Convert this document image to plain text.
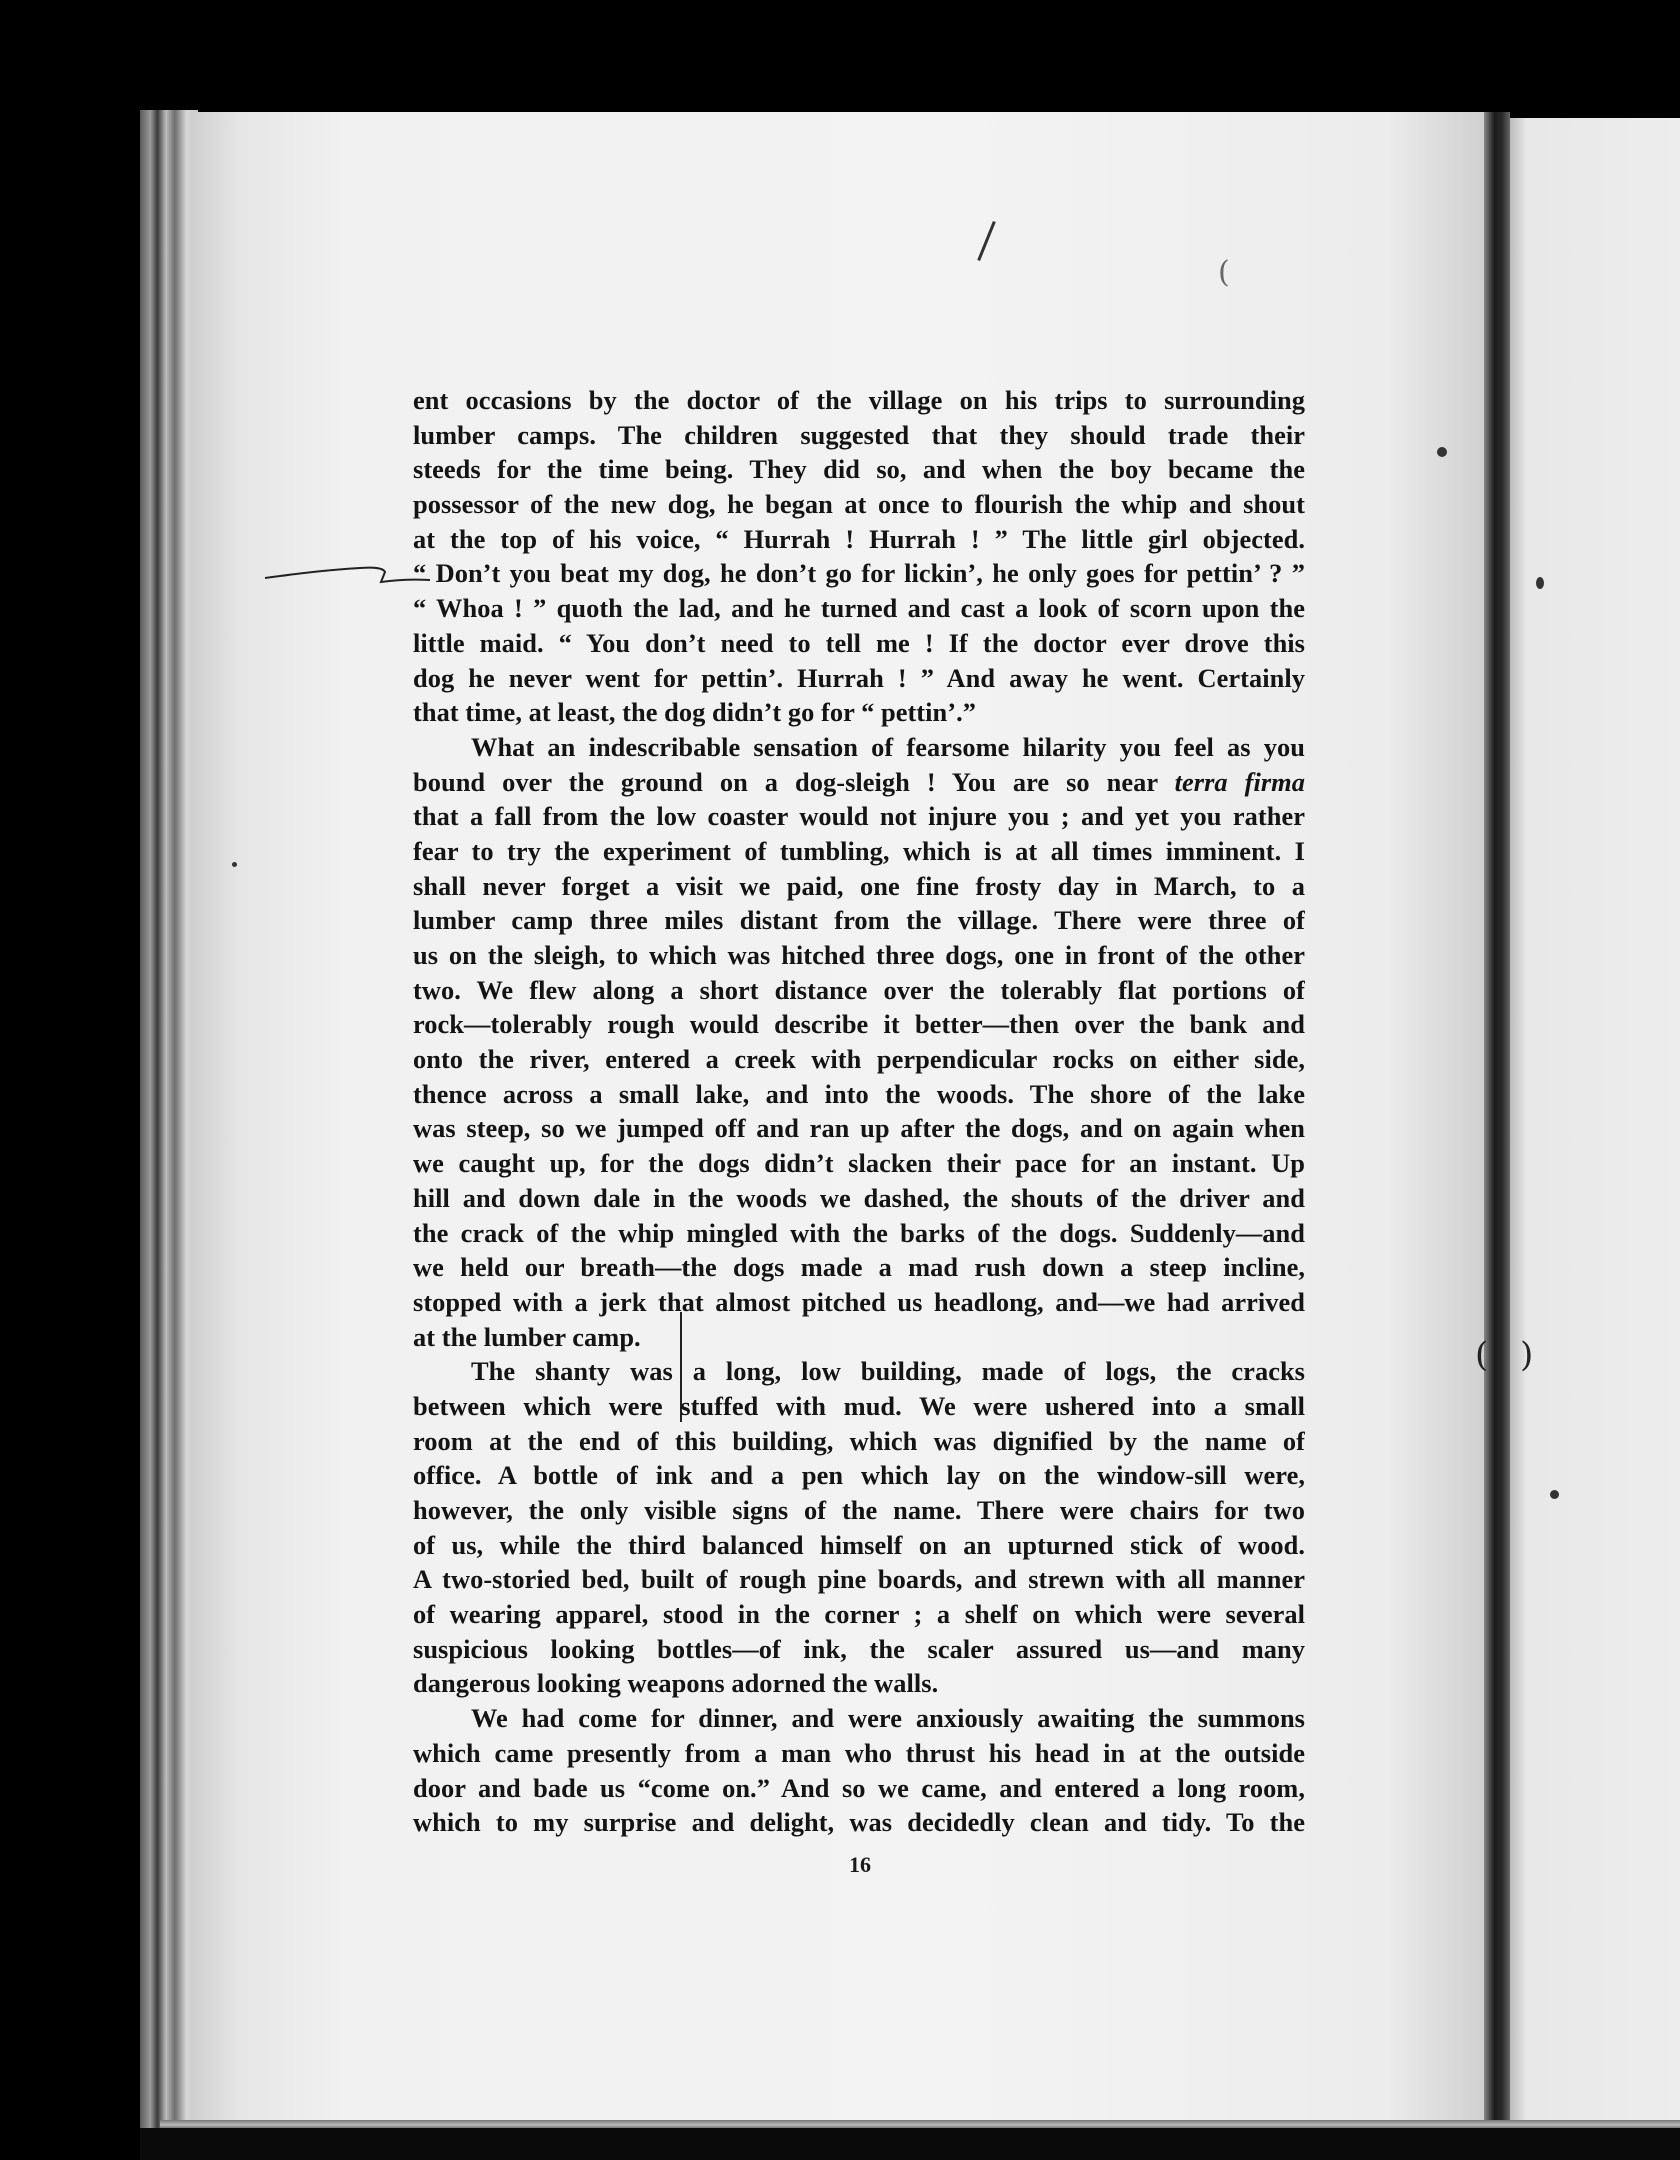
(
( )
ent occasions by the doctor of the village on his trips to surrounding
lumber camps. The children suggested that they should trade their
steeds for the time being. They did so, and when the boy became the
possessor of the new dog, he began at once to flourish the whip and shout
at the top of his voice, “ Hurrah ! Hurrah ! ” The little girl objected.
“ Don’t you beat my dog, he don’t go for lickin’, he only goes for pettin’ ? ”
“ Whoa ! ” quoth the lad, and he turned and cast a look of scorn upon the
little maid. “ You don’t need to tell me ! If the doctor ever drove this
dog he never went for pettin’. Hurrah ! ” And away he went. Certainly
that time, at least, the dog didn’t go for “ pettin’.”
What an indescribable sensation of fearsome hilarity you feel as you
bound over the ground on a dog-sleigh ! You are so near terra firma
that a fall from the low coaster would not injure you ; and yet you rather
fear to try the experiment of tumbling, which is at all times imminent. I
shall never forget a visit we paid, one fine frosty day in March, to a
lumber camp three miles distant from the village. There were three of
us on the sleigh, to which was hitched three dogs, one in front of the other
two. We flew along a short distance over the tolerably flat portions of
rock—tolerably rough would describe it better—then over the bank and
onto the river, entered a creek with perpendicular rocks on either side,
thence across a small lake, and into the woods. The shore of the lake
was steep, so we jumped off and ran up after the dogs, and on again when
we caught up, for the dogs didn’t slacken their pace for an instant. Up
hill and down dale in the woods we dashed, the shouts of the driver and
the crack of the whip mingled with the barks of the dogs. Suddenly—and
we held our breath—the dogs made a mad rush down a steep incline,
stopped with a jerk that almost pitched us headlong, and—we had arrived
at the lumber camp.
The shanty was a long, low building, made of logs, the cracks
between which were stuffed with mud. We were ushered into a small
room at the end of this building, which was dignified by the name of
office. A bottle of ink and a pen which lay on the window-sill were,
however, the only visible signs of the name. There were chairs for two
of us, while the third balanced himself on an upturned stick of wood.
A two-storied bed, built of rough pine boards, and strewn with all manner
of wearing apparel, stood in the corner ; a shelf on which were several
suspicious looking bottles—of ink, the scaler assured us—and many
dangerous looking weapons adorned the walls.
We had come for dinner, and were anxiously awaiting the summons
which came presently from a man who thrust his head in at the outside
door and bade us “come on.” And so we came, and entered a long room,
which to my surprise and delight, was decidedly clean and tidy. To the
16
